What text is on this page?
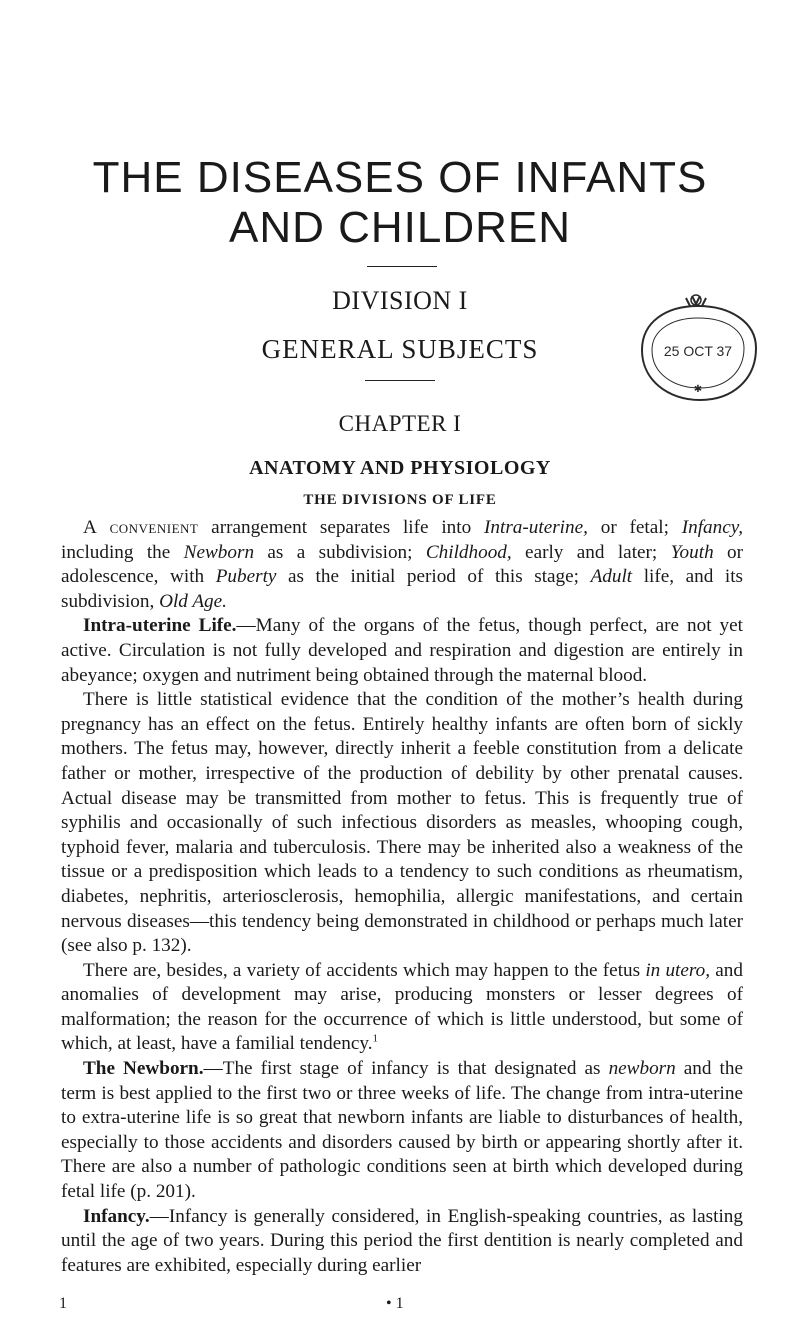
THE DISEASES OF INFANTS
AND CHILDREN
DIVISION I
GENERAL SUBJECTS
CHAPTER I
ANATOMY AND PHYSIOLOGY
THE DIVISIONS OF LIFE
25 OCT 37
✱

A convenient arrangement separates life into Intra-uterine, or fetal; Infancy, including the Newborn as a subdivision; Childhood, early and later; Youth or adolescence, with Puberty as the initial period of this stage; Adult life, and its subdivision, Old Age.

Intra-uterine Life.—Many of the organs of the fetus, though perfect, are not yet active. Circulation is not fully developed and respiration and digestion are entirely in abeyance; oxygen and nutriment being obtained through the maternal blood.

There is little statistical evidence that the condition of the mother’s health during pregnancy has an effect on the fetus. Entirely healthy infants are often born of sickly mothers. The fetus may, however, directly inherit a feeble constitution from a delicate father or mother, irrespective of the production of debility by other prenatal causes. Actual disease may be transmitted from mother to fetus. This is frequently true of syphilis and occasionally of such infectious disorders as measles, whooping cough, typhoid fever, malaria and tuberculosis. There may be inherited also a weakness of the tissue or a predisposition which leads to a tendency to such conditions as rheumatism, diabetes, nephritis, arteriosclerosis, hemophilia, allergic manifestations, and certain nervous diseases—this tendency being demonstrated in childhood or perhaps much later (see also p. 132).

There are, besides, a variety of accidents which may happen to the fetus in utero, and anomalies of development may arise, producing monsters or lesser degrees of malformation; the reason for the occurrence of which is little understood, but some of which, at least, have a familial tendency.$^1$

The Newborn.—The first stage of infancy is that designated as newborn and the term is best applied to the first two or three weeks of life. The change from intra-uterine to extra-uterine life is so great that newborn infants are liable to disturbances of health, especially to those accidents and disorders caused by birth or appearing shortly after it. There are also a number of pathologic conditions seen at birth which developed during fetal life (p. 201).

Infancy.—Infancy is generally considered, in English-speaking countries, as lasting until the age of two years. During this period the first dentition is nearly completed and features are exhibited, especially during earlier

1	• 1
